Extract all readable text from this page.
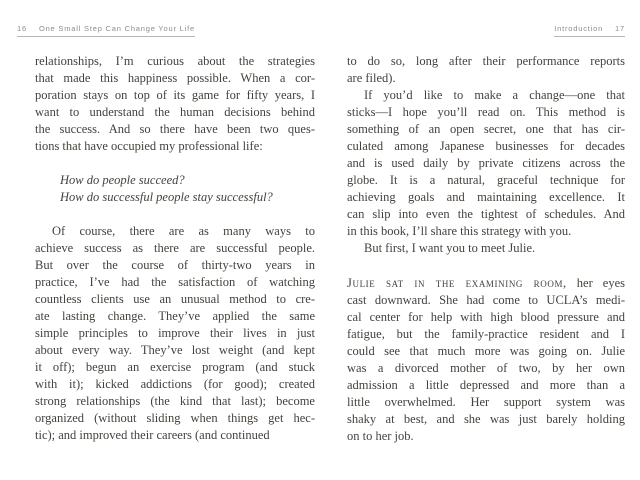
16 One Small Step Can Change Your Life	Introduction 17
relationships, I’m curious about the strategies
that made this happiness possible. When a cor-
poration stays on top of its game for fifty years, I
want to understand the human decisions behind
the success. And so there have been two ques-
tions that have occupied my professional life:
How do people succeed?
How do successful people stay successful?
Of course, there are as many ways to
achieve success as there are successful people.
But over the course of thirty-two years in
practice, I’ve had the satisfaction of watching
countless clients use an unusual method to cre-
ate lasting change. They’ve applied the same
simple principles to improve their lives in just
about every way. They’ve lost weight (and kept
it off); begun an exercise program (and stuck
with it); kicked addictions (for good); created
strong relationships (the kind that last); become
organized (without sliding when things get hec-
tic); and improved their careers (and continued
to do so, long after their performance reports
are filed).
If you’d like to make a change—one that
sticks—I hope you’ll read on. This method is
something of an open secret, one that has cir-
culated among Japanese businesses for decades
and is used daily by private citizens across the
globe. It is a natural, graceful technique for
achieving goals and maintaining excellence. It
can slip into even the tightest of schedules. And
in this book, I’ll share this strategy with you.
But first, I want you to meet Julie.
Julie sat in the examining room, her eyes
cast downward. She had come to UCLA’s medi-
cal center for help with high blood pressure and
fatigue, but the family-practice resident and I
could see that much more was going on. Julie
was a divorced mother of two, by her own
admission a little depressed and more than a
little overwhelmed. Her support system was
shaky at best, and she was just barely holding
on to her job.
